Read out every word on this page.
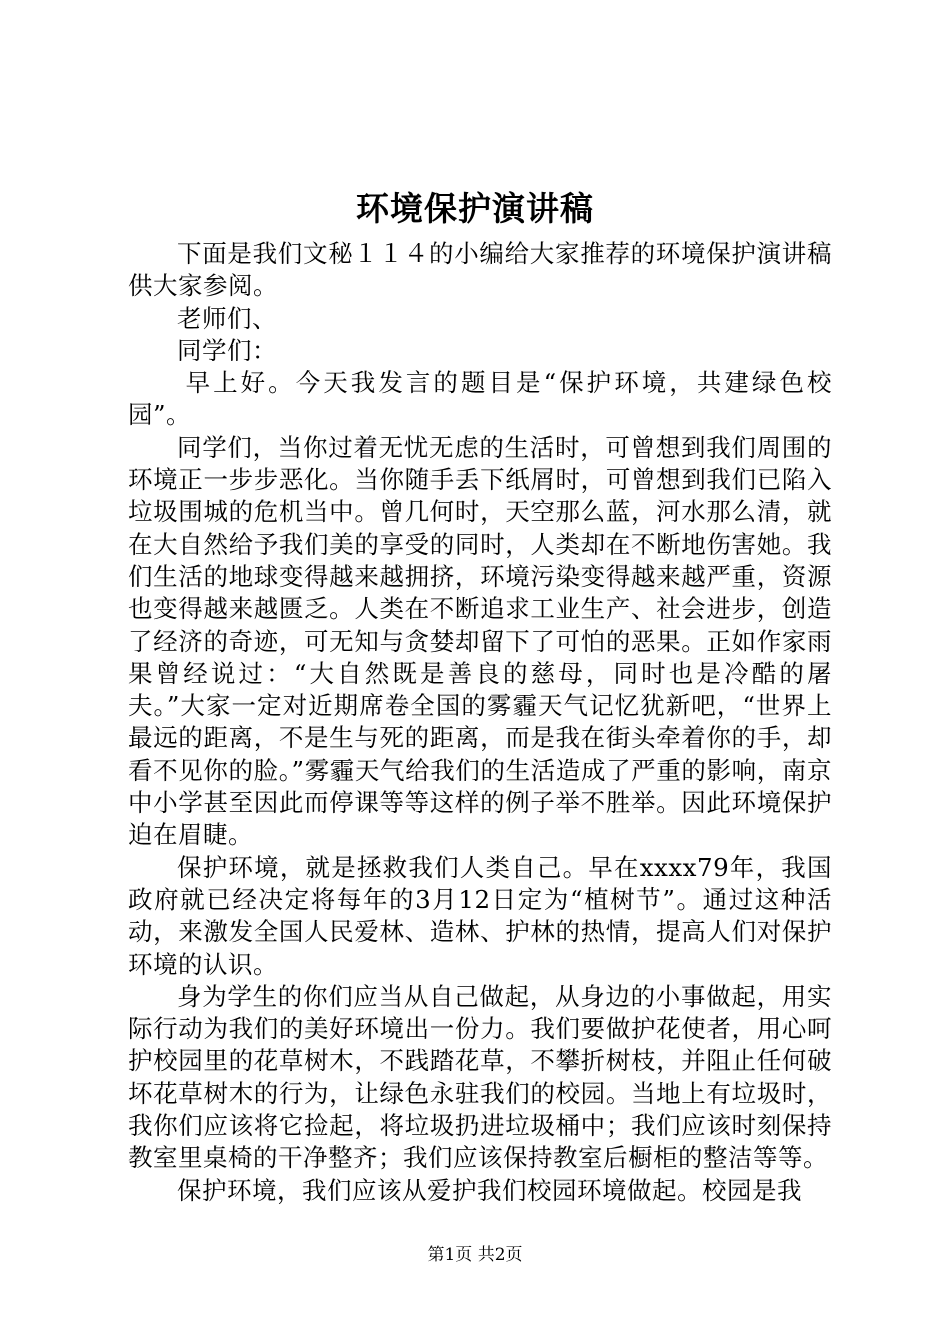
环境保护演讲稿

下面是我们文秘１１４的小编给大家推荐的环境保护演讲稿供大家参阅。

老师们、

同学们：

早上好。今天我发言的题目是“保护环境，共建绿色校园”。

同学们，当你过着无忧无虑的生活时，可曾想到我们周围的环境正一步步恶化。当你随手丢下纸屑时，可曾想到我们已陷入垃圾围城的危机当中。曾几何时，天空那么蓝，河水那么清，就在大自然给予我们美的享受的同时，人类却在不断地伤害她。我们生活的地球变得越来越拥挤，环境污染变得越来越严重，资源也变得越来越匮乏。人类在不断追求工业生产、社会进步，创造了经济的奇迹，可无知与贪婪却留下了可怕的恶果。正如作家雨果曾经说过：“大自然既是善良的慈母，同时也是冷酷的屠夫。”大家一定对近期席卷全国的雾霾天气记忆犹新吧，“世界上最远的距离，不是生与死的距离，而是我在街头牵着你的手，却看不见你的脸。”雾霾天气给我们的生活造成了严重的影响，南京中小学甚至因此而停课等等这样的例子举不胜举。因此环境保护迫在眉睫。

保护环境，就是拯救我们人类自己。早在xxxx79年，我国政府就已经决定将每年的3月12日定为“植树节”。通过这种活动，来激发全国人民爱林、造林、护林的热情，提高人们对保护环境的认识。

身为学生的你们应当从自己做起，从身边的小事做起，用实际行动为我们的美好环境出一份力。我们要做护花使者，用心呵护校园里的花草树木，不践踏花草，不攀折树枝，并阻止任何破坏花草树木的行为，让绿色永驻我们的校园。当地上有垃圾时，我你们应该将它捡起，将垃圾扔进垃圾桶中；我们应该时刻保持教室里桌椅的干净整齐；我们应该保持教室后橱柜的整洁等等。

保护环境，我们应该从爱护我们校园环境做起。校园是我

第1页 共2页
